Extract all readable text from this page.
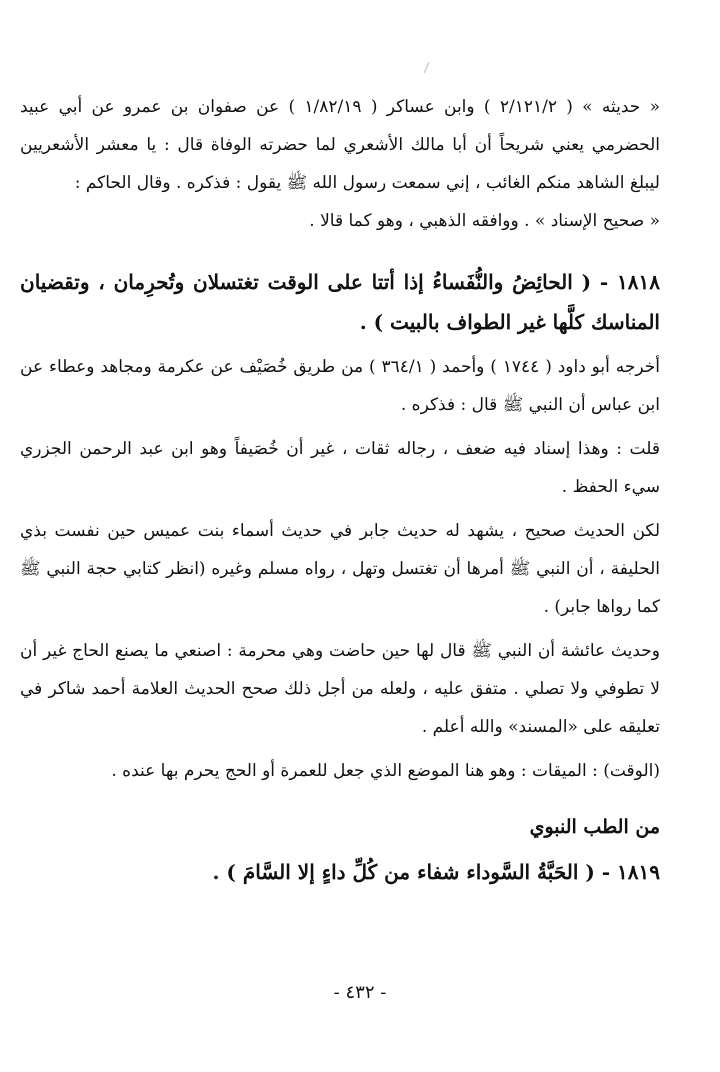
« حديثه » ( ٢/١٢١/٢ ) وابن عساكر ( ١/٨٢/١٩ ) عن صفوان بن عمرو عن أبي عبيد الحضرمي يعني شريحاً أن أبا مالك الأشعري لما حضرته الوفاة قال : يا معشر الأشعريين ليبلغ الشاهد منكم الغائب ، إني سمعت رسول الله ﷺ يقول : فذكره . وقال الحاكم :

« صحيح الإسناد » . ووافقه الذهبي ، وهو كما قالا .

١٨١٨ - ( الحائِضُ والنُّفَساءُ إذا أتتا على الوقت تغتسلان وتُحرِمان ، وتقضيان المناسك كلَّها غير الطواف بالبيت ) .

أخرجه أبو داود ( ١٧٤٤ ) وأحمد ( ٣٦٤/١ ) من طريق خُصَيْف عن عكرمة ومجاهد وعطاء عن ابن عباس أن النبي ﷺ قال : فذكره .

قلت : وهذا إسناد فيه ضعف ، رجاله ثقات ، غير أن خُصَيفاً وهو ابن عبد الرحمن الجزري سيء الحفظ .

لكن الحديث صحيح ، يشهد له حديث جابر في حديث أسماء بنت عميس حين نفست بذي الحليفة ، أن النبي ﷺ أمرها أن تغتسل وتهل ، رواه مسلم وغيره (انظر كتابي حجة النبي ﷺ كما رواها جابر) .

وحديث عائشة أن النبي ﷺ قال لها حين حاضت وهي محرمة : اصنعي ما يصنع الحاج غير أن لا تطوفي ولا تصلي . متفق عليه ، ولعله من أجل ذلك صحح الحديث العلامة أحمد شاكر في تعليقه على «المسند» والله أعلم .

(الوقت) : الميقات : وهو هنا الموضع الذي جعل للعمرة أو الحج يحرم بها عنده .

من الطب النبوي

١٨١٩ - ( الحَبَّةُ السَّوداء شفاء من كُلِّ داءٍ إلا السَّامَ ) .

- ٤٣٢ -
